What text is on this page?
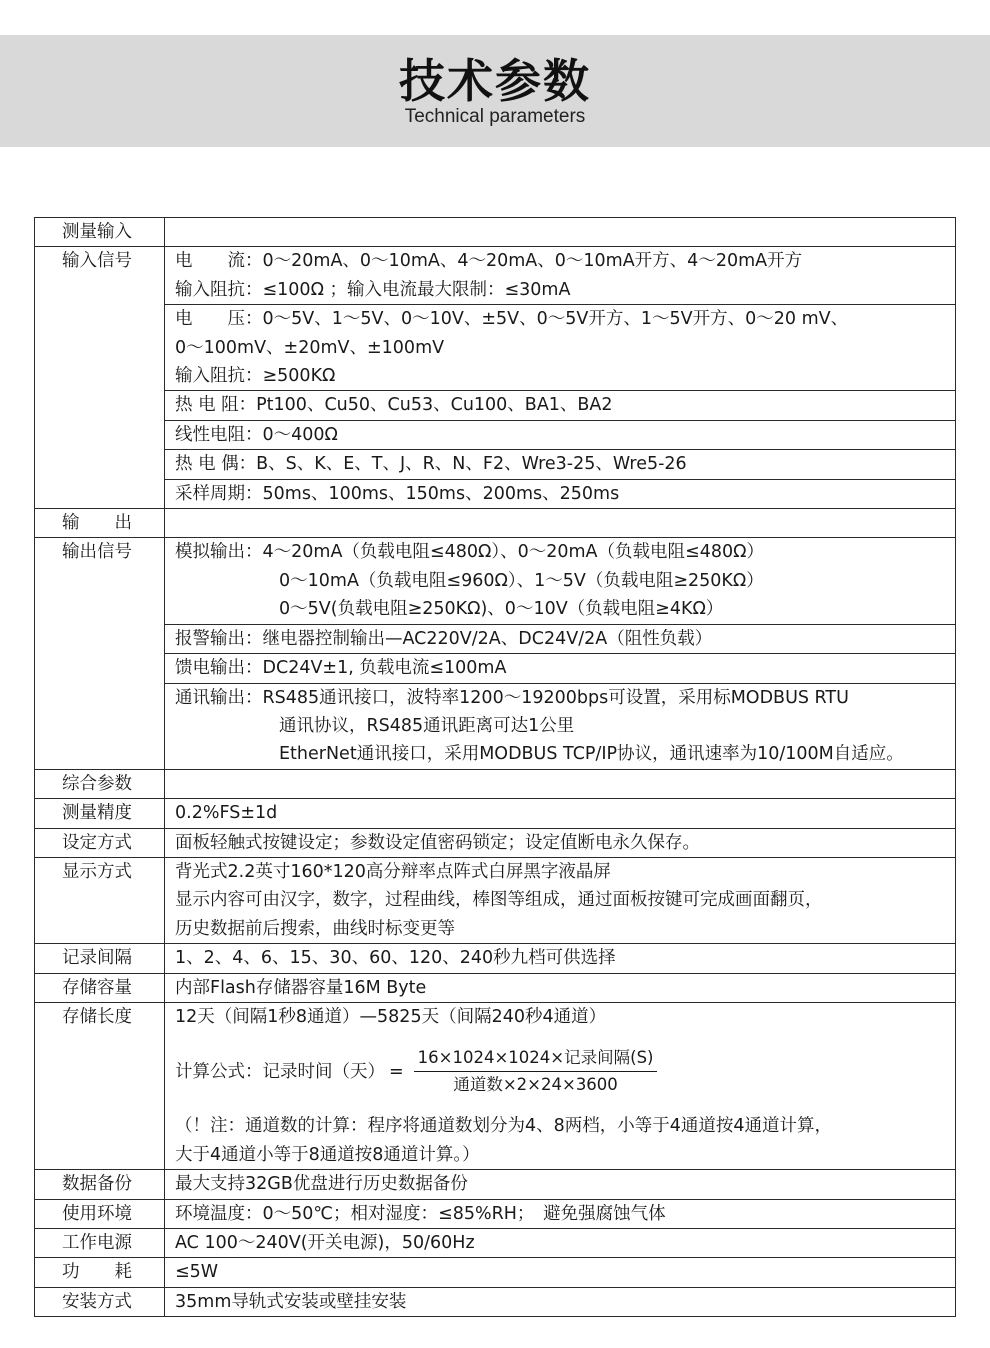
技术参数
Technical parameters
测量输入	
输入信号	电　　流：0～20mA、0～10mA、4～20mA、0～10mA开方、4～20mA开方
输入阻抗：≤100Ω ；输入电流最大限制：≤30mA

电　　压：0～5V、1～5V、0～10V、±5V、0～5V开方、1～5V开方、0～20 mV、
0～100mV、±20mV、±100mV
输入阻抗：≥500KΩ

热 电 阻：Pt100、Cu50、Cu53、Cu100、BA1、BA2
线性电阻：0～400Ω
热 电 偶：B、S、K、E、T、J、R、N、F2、Wre3-25、Wre5-26
采样周期：50ms、100ms、150ms、200ms、250ms

输　　出	
输出信号	模拟输出：4～20mA（负载电阻≤480Ω）、0～20mA（负载电阻≤480Ω）
0～10mA（负载电阻≤960Ω）、1～5V（负载电阻≥250KΩ）
0～5V(负载电阻≥250KΩ)、0～10V（负载电阻≥4KΩ）

报警输出：继电器控制输出—AC220V/2A、DC24V/2A（阻性负载）
馈电输出：DC24V±1, 负载电流≤100mA

通讯输出：RS485通讯接口，波特率1200～19200bps可设置，采用标MODBUS RTU
通讯协议，RS485通讯距离可达1公里
EtherNet通讯接口，采用MODBUS TCP/IP协议，通讯速率为10/100M自适应。

综合参数	
测量精度	0.2%FS±1d
设定方式	面板轻触式按键设定；参数设定值密码锁定；设定值断电永久保存。
显示方式	背光式2.2英寸160*120高分辩率点阵式白屏黑字液晶屏
显示内容可由汉字，数字，过程曲线，棒图等组成，通过面板按键可完成画面翻页，
历史数据前后搜索，曲线时标变更等

记录间隔	1、2、4、6、15、30、60、120、240秒九档可供选择
存储容量	内部Flash存储器容量16M Byte
存储长度	12天（间隔1秒8通道）—5825天（间隔240秒4通道）
计算公式：记录时间（天） = $\frac{\text{16×1024×1024×记录间隔(S)}}{\text{通道数×2×24×3600}}$
（！注：通道数的计算：程序将通道数划分为4、8两档，小等于4通道按4通道计算，
大于4通道小等于8通道按8通道计算。）

数据备份	最大支持32GB优盘进行历史数据备份
使用环境	环境温度：0～50℃；相对湿度：≤85%RH；　避免强腐蚀气体
工作电源	AC 100～240V(开关电源)，50/60Hz
功　　耗	≤5W
安装方式	35mm导轨式安装或壁挂安装
